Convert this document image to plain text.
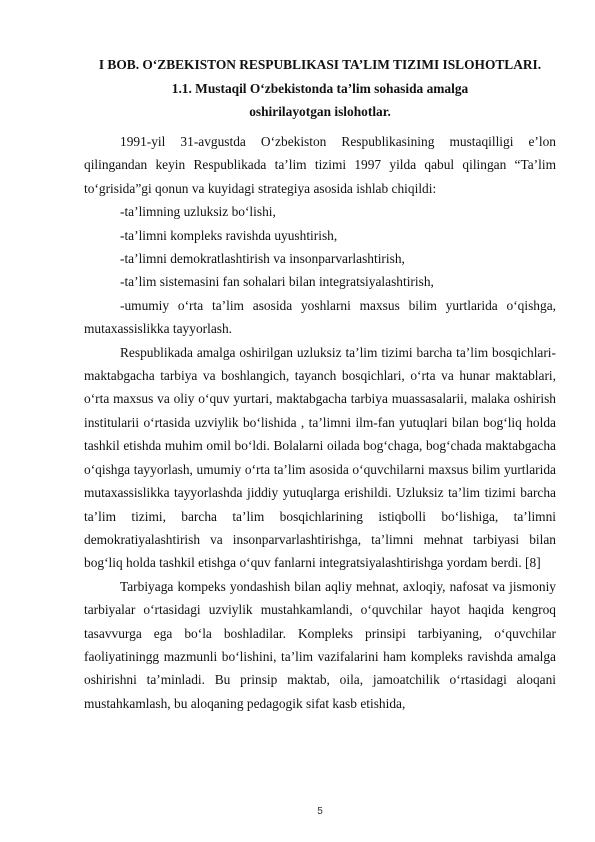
I BOB. O‘ZBEKISTON RESPUBLIKASI TA’LIM TIZIMI ISLOHOTLARI.
1.1. Mustaqil O‘zbekistonda ta’lim sohasida amalga
oshirilayotgan islohotlar.

1991-yil 31-avgustda O‘zbekiston Respublikasining mustaqilligi e’lon qilingandan keyin Respublikada ta’lim tizimi 1997 yilda qabul qilingan “Ta’lim to‘grisida”gi qonun va kuyidagi strategiya asosida ishlab chiqildi:

-ta’limning uzluksiz bo‘lishi,

-ta’limni kompleks ravishda uyushtirish,

-ta’limni demokratlashtirish va insonparvarlashtirish,

-ta’lim sistemasini fan sohalari bilan integratsiyalashtirish,

-umumiy o‘rta ta’lim asosida yoshlarni maxsus bilim yurtlarida o‘qishga, mutaxassislikka tayyorlash.

Respublikada amalga oshirilgan uzluksiz ta’lim tizimi barcha ta’lim bosqichlari-maktabgacha tarbiya va boshlangich, tayanch bosqichlari, o‘rta va hunar maktablari, o‘rta maxsus va oliy o‘quv yurtari, maktabgacha tarbiya muassasalarii, malaka oshirish institularii o‘rtasida uzviylik bo‘lishida , ta’limni ilm-fan yutuqlari bilan bog‘liq holda tashkil etishda muhim omil bo‘ldi. Bolalarni oilada bog‘chaga, bog‘chada maktabgacha o‘qishga tayyorlash, umumiy o‘rta ta’lim asosida o‘quvchilarni maxsus bilim yurtlarida mutaxassislikka tayyorlashda jiddiy yutuqlarga erishildi. Uzluksiz ta’lim tizimi barcha ta’lim tizimi, barcha ta’lim bosqichlarining istiqbolli bo‘lishiga, ta’limni demokratiyalashtirish va insonparvarlashtirishga, ta’limni mehnat tarbiyasi bilan bog‘liq holda tashkil etishga o‘quv fanlarni integratsiyalashtirishga yordam berdi. [8]

Tarbiyaga kompeks yondashish bilan aqliy mehnat, axloqiy, nafosat va jismoniy tarbiyalar o‘rtasidagi uzviylik mustahkamlandi, o‘quvchilar hayot haqida kengroq tasavvurga ega bo‘la boshladilar. Kompleks prinsipi tarbiyaning, o‘quvchilar faoliyatiningg mazmunli bo‘lishini, ta’lim vazifalarini ham kompleks ravishda amalga oshirishni ta’minladi. Bu prinsip maktab, oila, jamoatchilik o‘rtasidagi aloqani mustahkamlash, bu aloqaning pedagogik sifat kasb etishida,

5
